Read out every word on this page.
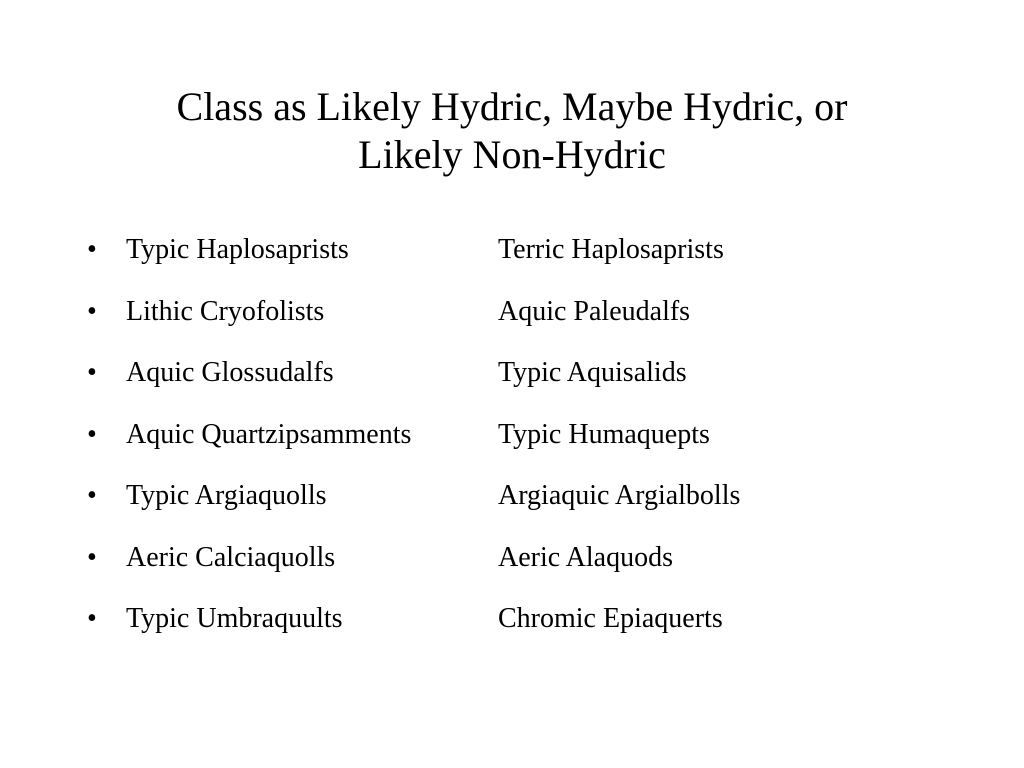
Class as Likely Hydric, Maybe Hydric, or
Likely Non-Hydric
• Typic Haplosaprists	Terric Haplosaprists
• Lithic Cryofolists	Aquic Paleudalfs
• Aquic Glossudalfs	Typic Aquisalids
• Aquic Quartzipsamments	Typic Humaquepts
• Typic Argiaquolls	Argiaquic Argialbolls
• Aeric Calciaquolls	Aeric Alaquods
• Typic Umbraquults	Chromic Epiaquerts
